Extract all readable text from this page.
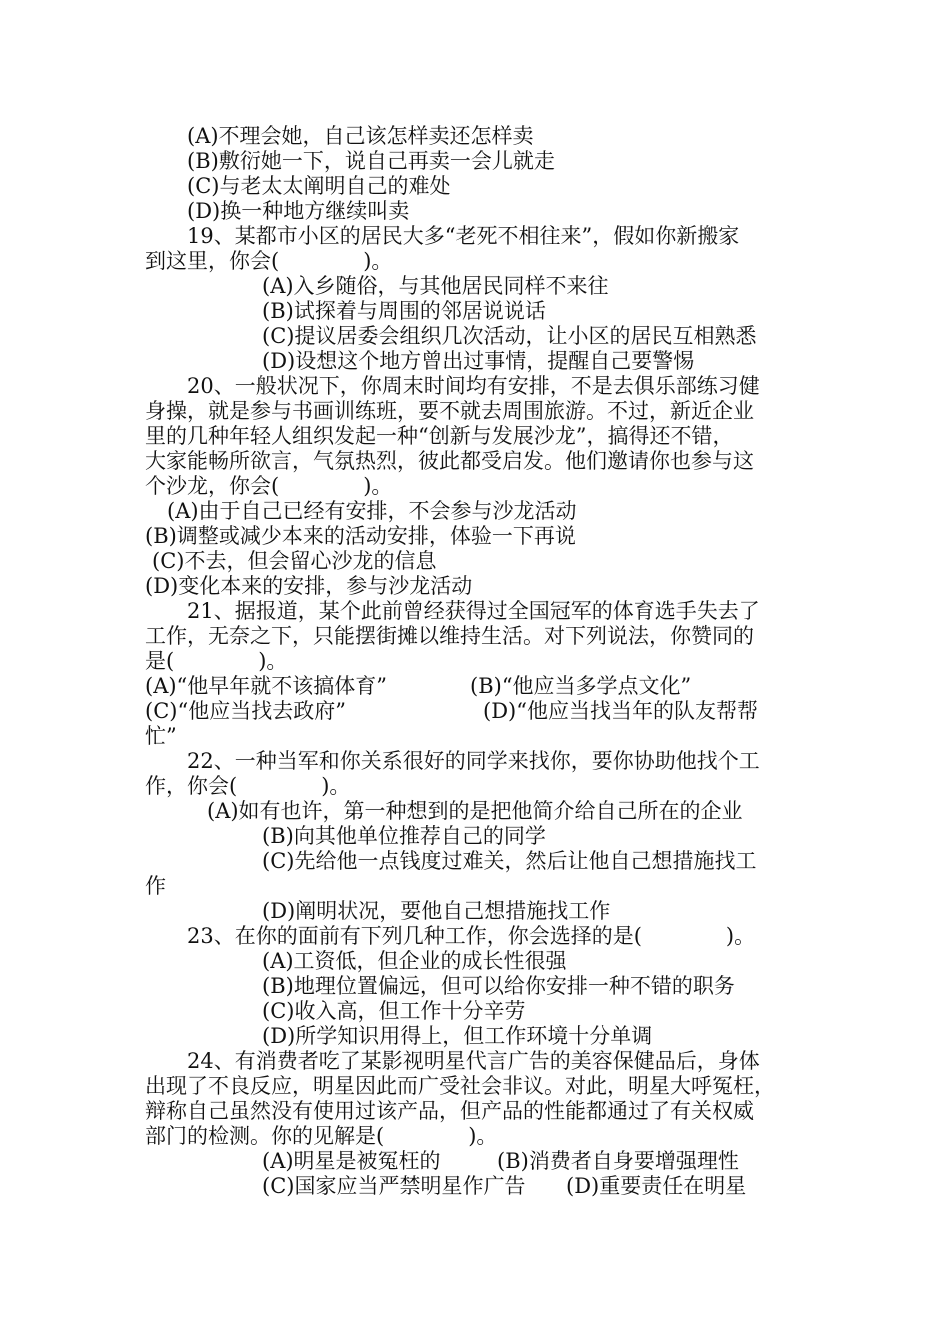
(A)不理会她，自己该怎样卖还怎样卖
(B)敷衍她一下，说自己再卖一会儿就走
(C)与老太太阐明自己的难处
(D)换一种地方继续叫卖
19、某都市小区的居民大多“老死不相往来”，假如你新搬家
到这里，你会(　　　　)。
(A)入乡随俗，与其他居民同样不来往
(B)试探着与周围的邻居说说话
(C)提议居委会组织几次活动，让小区的居民互相熟悉
(D)设想这个地方曾出过事情，提醒自己要警惕
20、一般状况下，你周末时间均有安排，不是去俱乐部练习健
身操，就是参与书画训练班，要不就去周围旅游。不过，新近企业
里的几种年轻人组织发起一种“创新与发展沙龙”，搞得还不错，
大家能畅所欲言，气氛热烈，彼此都受启发。他们邀请你也参与这
个沙龙，你会(　　　　)。
(A)由于自己已经有安排，不会参与沙龙活动
(B)调整或减少本来的活动安排，体验一下再说
(C)不去，但会留心沙龙的信息
(D)变化本来的安排，参与沙龙活动
21、据报道，某个此前曾经获得过全国冠军的体育选手失去了
工作，无奈之下，只能摆街摊以维持生活。对下列说法，你赞同的
是(　　　　)。
(A)“他早年就不该搞体育”	(B)“他应当多学点文化”
(C)“他应当找去政府”	(D)“他应当找当年的队友帮帮
忙”
22、一种当军和你关系很好的同学来找你，要你协助他找个工
作，你会(　　　　)。
(A)如有也许，第一种想到的是把他简介给自己所在的企业
(B)向其他单位推荐自己的同学
(C)先给他一点钱度过难关，然后让他自己想措施找工
作
(D)阐明状况，要他自己想措施找工作
23、在你的面前有下列几种工作，你会选择的是(　　　　)。
(A)工资低，但企业的成长性很强
(B)地理位置偏远，但可以给你安排一种不错的职务
(C)收入高，但工作十分辛劳
(D)所学知识用得上，但工作环境十分单调
24、有消费者吃了某影视明星代言广告的美容保健品后，身体
出现了不良反应，明星因此而广受社会非议。对此，明星大呼冤枉，
辩称自己虽然没有使用过该产品，但产品的性能都通过了有关权威
部门的检测。你的见解是(　　　　)。
(A)明星是被冤枉的	(B)消费者自身要增强理性
(C)国家应当严禁明星作广告 (D)重要责任在明星
